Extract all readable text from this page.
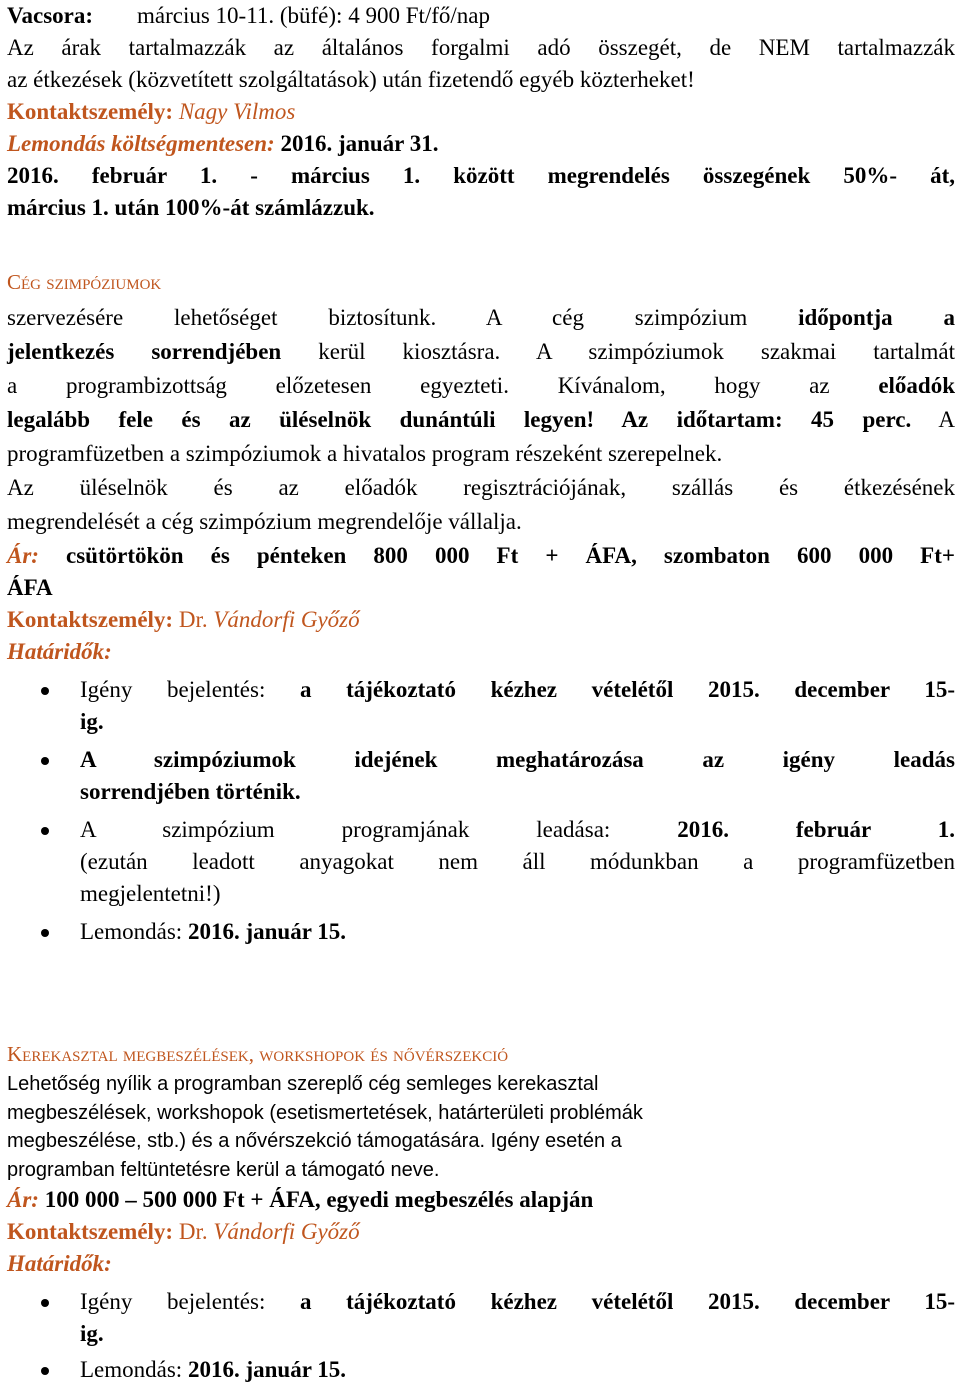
Vacsora: március 10-11. (büfé): 4 900 Ft/fő/nap

Az árak tartalmazzák az általános forgalmi adó összegét, de NEM tartalmazzák

az étkezések (közvetített szolgáltatások) után fizetendő egyéb közterheket!

Kontaktszemély: Nagy Vilmos

Lemondás költségmentesen: 2016. január 31.

2016. február 1. - március 1. között megrendelés összegének 50%- át,

március 1. után 100%-át számlázzuk.

Cég szimpóziumok

szervezésére lehetőséget biztosítunk. A cég szimpózium időpontja a

jelentkezés sorrendjében kerül kiosztásra. A szimpóziumok szakmai tartalmát

a programbizottság előzetesen egyezteti. Kívánalom, hogy az előadók

legalább fele és az üléselnök dunántúli legyen! Az időtartam: 45 perc. A

programfüzetben a szimpóziumok a hivatalos program részeként szerepelnek.

Az üléselnök és az előadók regisztrációjának, szállás és étkezésének

megrendelését a cég szimpózium megrendelője vállalja.

Ár: csütörtökön és pénteken 800 000 Ft + ÁFA, szombaton 600 000 Ft+

ÁFA

Kontaktszemély: Dr. Vándorfi Győző

Határidők:

Igény bejelentés: a tájékoztató kézhez vételétől 2015. december 15-

ig.

A szimpóziumok idejének meghatározása az igény leadás

sorrendjében történik.

A szimpózium programjának leadása: 2016. február 1.

(ezután leadott anyagokat nem áll módunkban a programfüzetben

megjelentetni!)

Lemondás: 2016. január 15.

Kerekasztal megbeszélések, workshopok és nővérszekció

Lehetőség nyílik a programban szereplő cég semleges kerekasztal

megbeszélések, workshopok (esetismertetések, határterületi problémák

megbeszélése, stb.) és a nővérszekció támogatására. Igény esetén a

programban feltüntetésre kerül a támogató neve.

Ár: 100 000 – 500 000 Ft + ÁFA, egyedi megbeszélés alapján

Kontaktszemély: Dr. Vándorfi Győző

Határidők:

Igény bejelentés: a tájékoztató kézhez vételétől 2015. december 15-

ig.

Lemondás: 2016. január 15.
